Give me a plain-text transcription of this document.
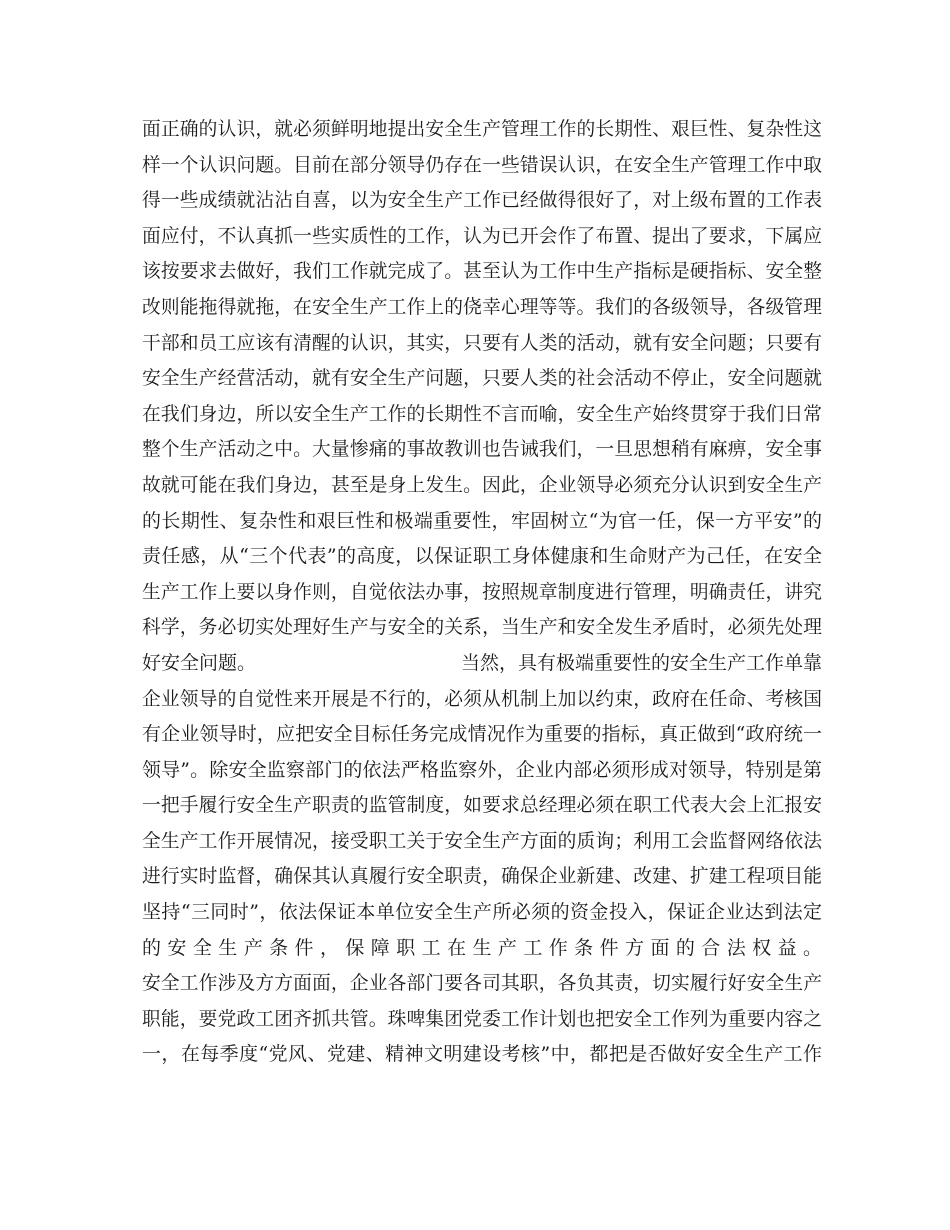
面正确的认识，就必须鲜明地提出安全生产管理工作的长期性、艰巨性、复杂性这
样一个认识问题。目前在部分领导仍存在一些错误认识，在安全生产管理工作中取
得一些成绩就沾沾自喜，以为安全生产工作已经做得很好了，对上级布置的工作表
面应付，不认真抓一些实质性的工作，认为已开会作了布置、提出了要求，下属应
该按要求去做好，我们工作就完成了。甚至认为工作中生产指标是硬指标、安全整
改则能拖得就拖，在安全生产工作上的侥幸心理等等。我们的各级领导，各级管理
干部和员工应该有清醒的认识，其实，只要有人类的活动，就有安全问题；只要有
安全生产经营活动，就有安全生产问题，只要人类的社会活动不停止，安全问题就
在我们身边，所以安全生产工作的长期性不言而喻，安全生产始终贯穿于我们日常
整个生产活动之中。大量惨痛的事故教训也告诫我们，一旦思想稍有麻痹，安全事
故就可能在我们身边，甚至是身上发生。因此，企业领导必须充分认识到安全生产
的长期性、复杂性和艰巨性和极端重要性，牢固树立“为官一任，保一方平安”的
责任感，从“三个代表”的高度，以保证职工身体健康和生命财产为己任，在安全
生产工作上要以身作则，自觉依法办事，按照规章制度进行管理，明确责任，讲究
科学，务必切实处理好生产与安全的关系，当生产和安全发生矛盾时，必须先处理
好安全问题。	当然，具有极端重要性的安全生产工作单靠
企业领导的自觉性来开展是不行的，必须从机制上加以约束，政府在任命、考核国
有企业领导时，应把安全目标任务完成情况作为重要的指标，真正做到“政府统一
领导”。除安全监察部门的依法严格监察外，企业内部必须形成对领导，特别是第
一把手履行安全生产职责的监管制度，如要求总经理必须在职工代表大会上汇报安
全生产工作开展情况，接受职工关于安全生产方面的质询；利用工会监督网络依法
进行实时监督，确保其认真履行安全职责，确保企业新建、改建、扩建工程项目能
坚持“三同时”，依法保证本单位安全生产所必须的资金投入，保证企业达到法定
的安全生产条件，保障职工在生产工作条件方面的合法权益。
安全工作涉及方方面面，企业各部门要各司其职，各负其责，切实履行好安全生产
职能，要党政工团齐抓共管。珠啤集团党委工作计划也把安全工作列为重要内容之
一，在每季度“党风、党建、精神文明建设考核”中，都把是否做好安全生产工作
